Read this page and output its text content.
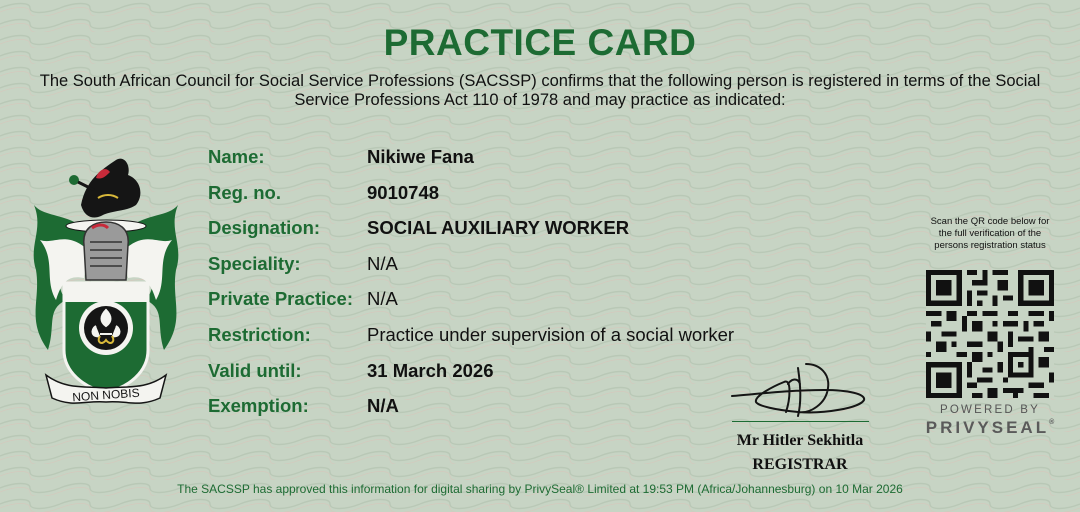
PRACTICE CARD
The South African Council for Social Service Professions (SACSSP) confirms that the following person is registered in terms of the Social
Service Professions Act 110 of 1978 and may practice as indicated:
NON NOBIS
Name:	Nikiwe Fana
Reg. no.	9010748
Designation:	SOCIAL AUXILIARY WORKER
Speciality:	N/A
Private Practice: N/A
Restriction:	Practice under supervision of a social worker
Valid until:	31 March 2026
Exemption:	N/A
Mr Hitler Sekhitla
REGISTRAR
Scan the QR code below for
the full verification of the
persons registration status
POWERED BY
PRIVYSEAL®
The SACSSP has approved this information for digital sharing by PrivySeal® Limited at 19:53 PM (Africa/Johannesburg) on 10 Mar 2026
